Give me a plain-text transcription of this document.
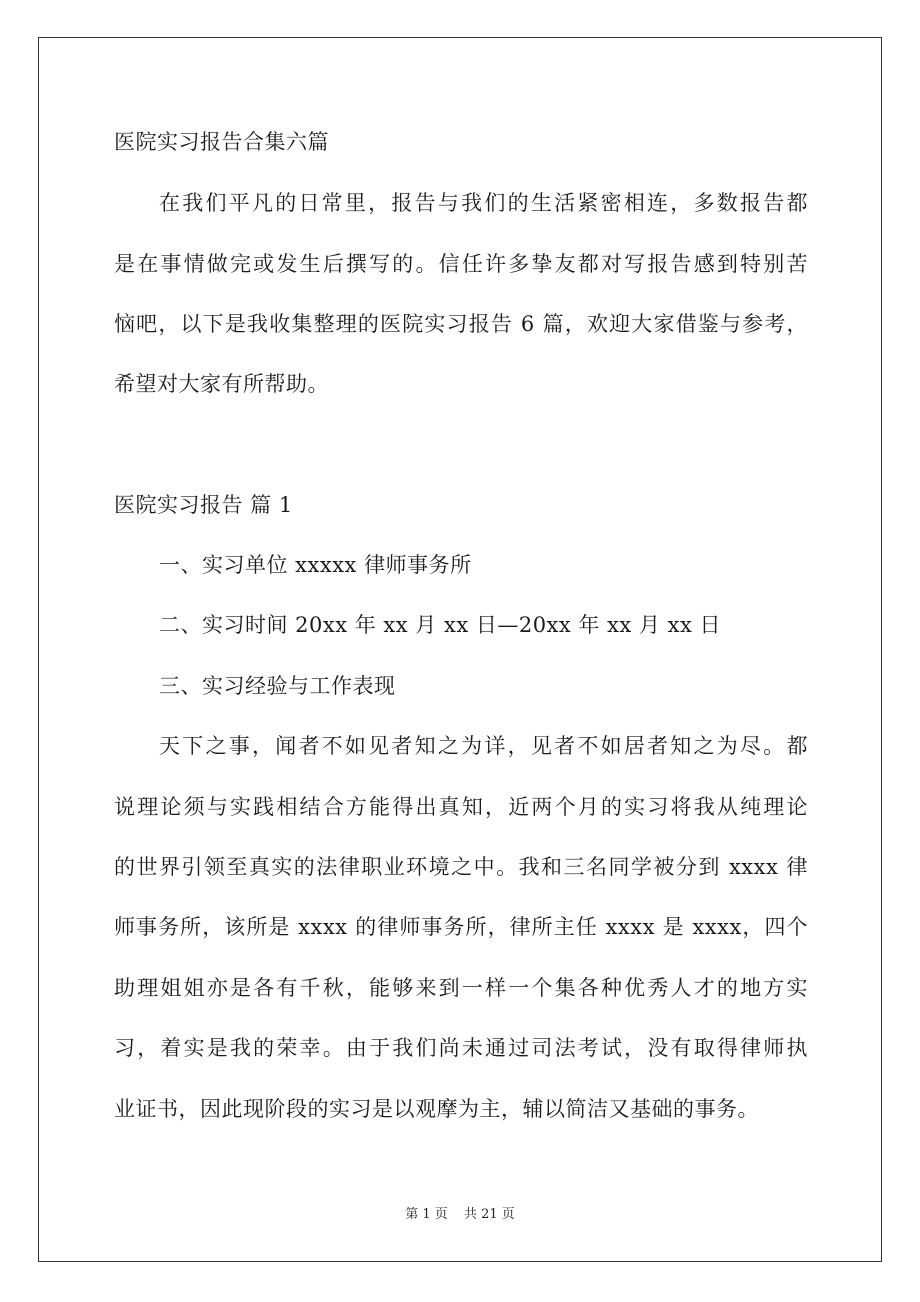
医院实习报告合集六篇
在我们平凡的日常里，报告与我们的生活紧密相连，多数报告都
是在事情做完或发生后撰写的。信任许多挚友都对写报告感到特别苦
恼吧，以下是我收集整理的医院实习报告 6 篇，欢迎大家借鉴与参考，
希望对大家有所帮助。
医院实习报告 篇 1
一、实习单位 xxxxx 律师事务所
二、实习时间 20xx 年 xx 月 xx 日—20xx 年 xx 月 xx 日
三、实习经验与工作表现
天下之事，闻者不如见者知之为详，见者不如居者知之为尽。都
说理论须与实践相结合方能得出真知，近两个月的实习将我从纯理论
的世界引领至真实的法律职业环境之中。我和三名同学被分到 xxxx 律
师事务所，该所是 xxxx 的律师事务所，律所主任 xxxx 是 xxxx，四个
助理姐姐亦是各有千秋，能够来到一样一个集各种优秀人才的地方实
习，着实是我的荣幸。由于我们尚未通过司法考试，没有取得律师执
业证书，因此现阶段的实习是以观摩为主，辅以简洁又基础的事务。
第 1 页 共 21 页
